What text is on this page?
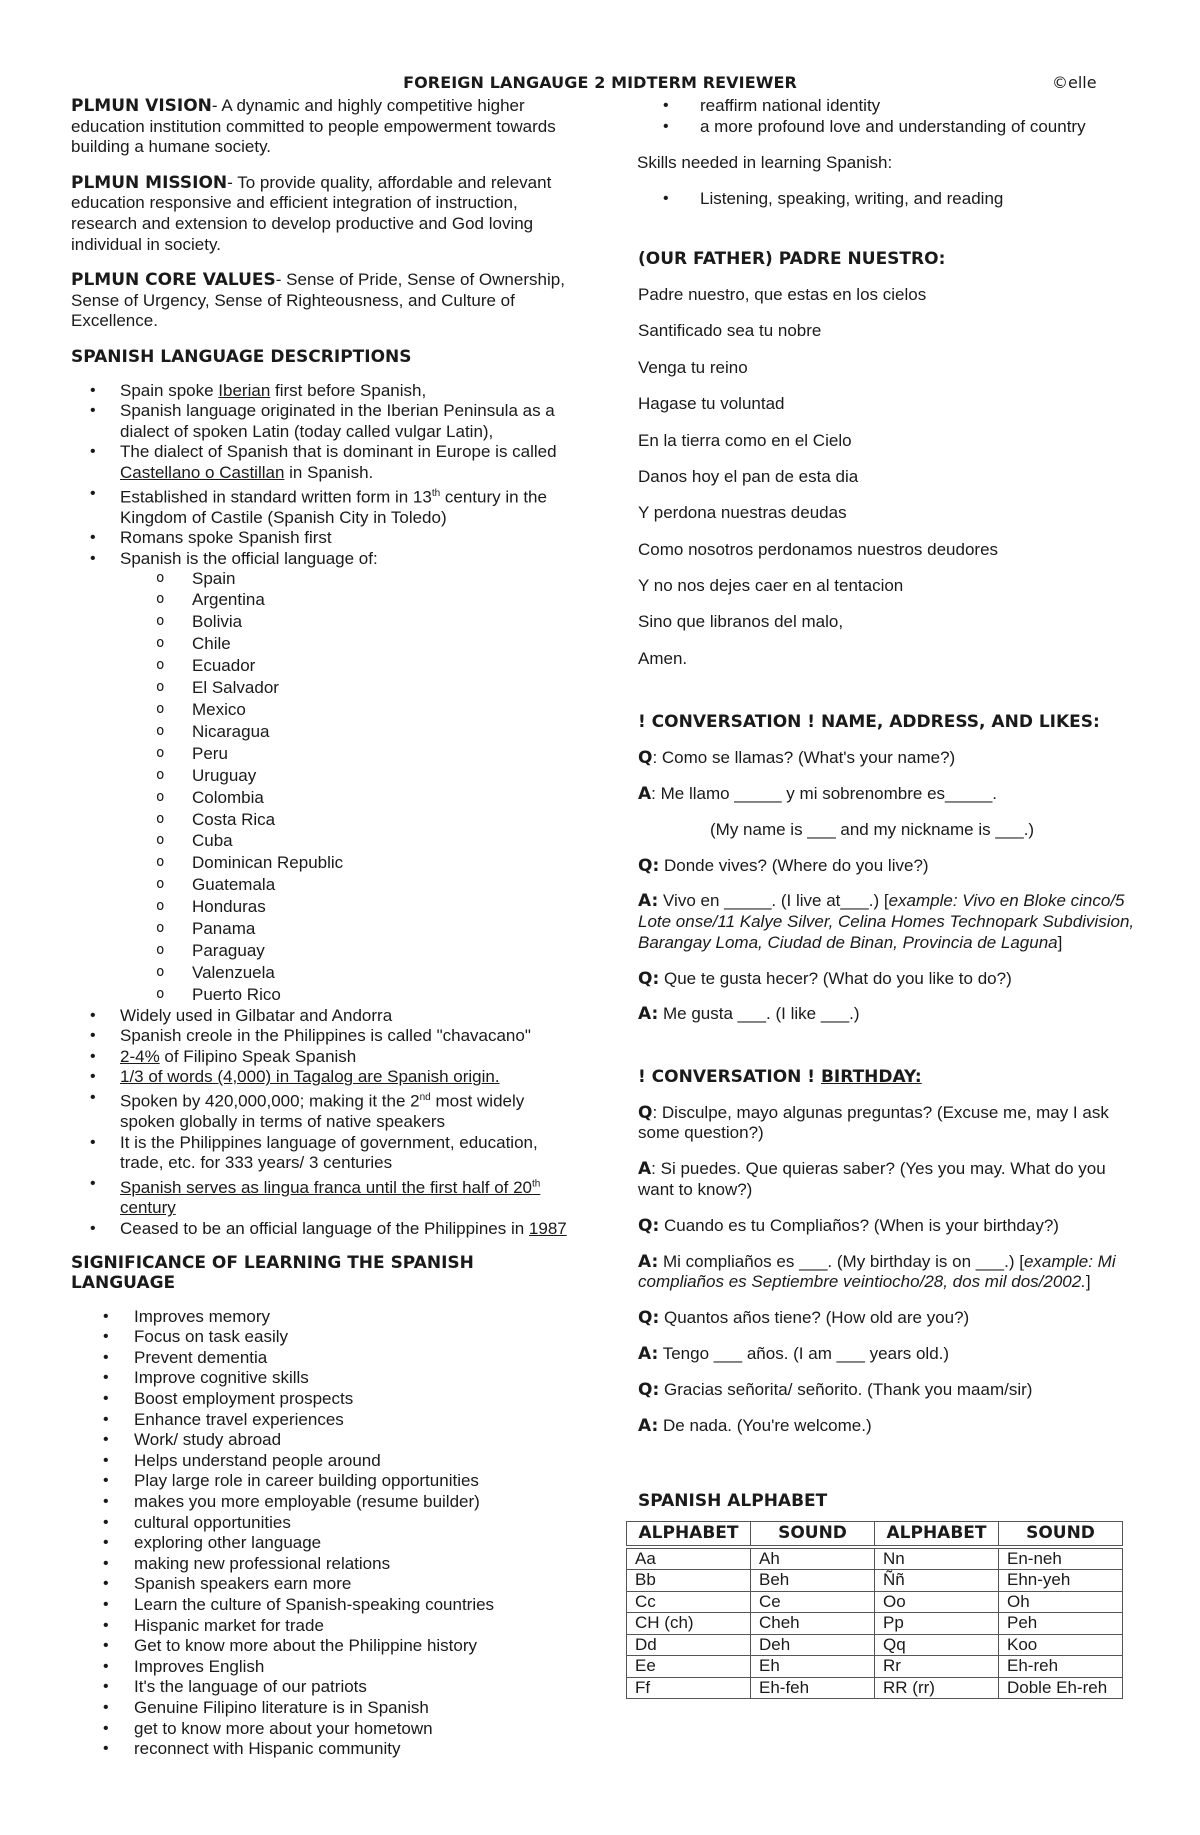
FOREIGN LANGAUGE 2 MIDTERM REVIEWER	©elle

PLMUN VISION- A dynamic and highly competitive higher education institution committed to people empowerment towards building a humane society.

PLMUN MISSION- To provide quality, affordable and relevant education responsive and efficient integration of instruction, research and extension to develop productive and God loving individual in society.

PLMUN CORE VALUES- Sense of Pride, Sense of Ownership, Sense of Urgency, Sense of Righteousness, and Culture of Excellence.

SPANISH LANGUAGE DESCRIPTIONS

• Spain spoke Iberian first before Spanish,
• Spanish language originated in the Iberian Peninsula as a dialect of spoken Latin (today called vulgar Latin),
• The dialect of Spanish that is dominant in Europe is called Castellano o Castillan in Spanish.
• Established in standard written form in 13th century in the Kingdom of Castile (Spanish City in Toledo)
• Romans spoke Spanish first
• Spanish is the official language of:
o Spain
o Argentina
o Bolivia
o Chile
o Ecuador
o El Salvador
o Mexico
o Nicaragua
o Peru
o Uruguay
o Colombia
o Costa Rica
o Cuba
o Dominican Republic
o Guatemala
o Honduras
o Panama
o Paraguay
o Valenzuela
o Puerto Rico
• Widely used in Gilbatar and Andorra
• Spanish creole in the Philippines is called "chavacano"
• 2-4% of Filipino Speak Spanish
• 1/3 of words (4,000) in Tagalog are Spanish origin.
• Spoken by 420,000,000; making it the 2nd most widely spoken globally in terms of native speakers
• It is the Philippines language of government, education, trade, etc. for 333 years/ 3 centuries
• Spanish serves as lingua franca until the first half of 20th century
• Ceased to be an official language of the Philippines in 1987

SIGNIFICANCE OF LEARNING THE SPANISH LANGUAGE

• Improves memory
• Focus on task easily
• Prevent dementia
• Improve cognitive skills
• Boost employment prospects
• Enhance travel experiences
• Work/ study abroad
• Helps understand people around
• Play large role in career building opportunities
• makes you more employable (resume builder)
• cultural opportunities
• exploring other language
• making new professional relations
• Spanish speakers earn more
• Learn the culture of Spanish-speaking countries
• Hispanic market for trade
• Get to know more about the Philippine history
• Improves English
• It's the language of our patriots
• Genuine Filipino literature is in Spanish
• get to know more about your hometown
• reconnect with Hispanic community
• reaffirm national identity
• a more profound love and understanding of country

Skills needed in learning Spanish:

• Listening, speaking, writing, and reading

(OUR FATHER) PADRE NUESTRO:

Padre nuestro, que estas en los cielos

Santificado sea tu nobre

Venga tu reino

Hagase tu voluntad

En la tierra como en el Cielo

Danos hoy el pan de esta dia

Y perdona nuestras deudas

Como nosotros perdonamos nuestros deudores

Y no nos dejes caer en al tentacion

Sino que libranos del malo,

Amen.

! CONVERSATION ! NAME, ADDRESS, AND LIKES:

Q: Como se llamas? (What's your name?)

A: Me llamo _____ y mi sobrenombre es_____.

(My name is ___ and my nickname is ___.)

Q: Donde vives? (Where do you live?)

A: Vivo en _____. (I live at___.) [example: Vivo en Bloke cinco/5 Lote onse/11 Kalye Silver, Celina Homes Technopark Subdivision, Barangay Loma, Ciudad de Binan, Provincia de Laguna]

Q: Que te gusta hecer? (What do you like to do?)

A: Me gusta ___. (I like ___.)

! CONVERSATION ! BIRTHDAY:

Q: Disculpe, mayo algunas preguntas? (Excuse me, may I ask some question?)

A: Si puedes. Que quieras saber? (Yes you may. What do you want to know?)

Q: Cuando es tu Compliaños? (When is your birthday?)

A: Mi compliaños es ___. (My birthday is on ___.) [example: Mi compliaños es Septiembre veintiocho/28, dos mil dos/2002.]

Q: Quantos años tiene? (How old are you?)

A: Tengo ___ años. (I am ___ years old.)

Q: Gracias señorita/ señorito. (Thank you maam/sir)

A: De nada. (You're welcome.)

SPANISH ALPHABET

ALPHABET	SOUND	ALPHABET	SOUND
Aa	Ah	Nn	En-neh
Bb	Beh	Ññ	Ehn-yeh
Cc	Ce	Oo	Oh
CH (ch)	Cheh	Pp	Peh
Dd	Deh	Qq	Koo
Ee	Eh	Rr	Eh-reh
Ff	Eh-feh	RR (rr)	Doble Eh-reh
